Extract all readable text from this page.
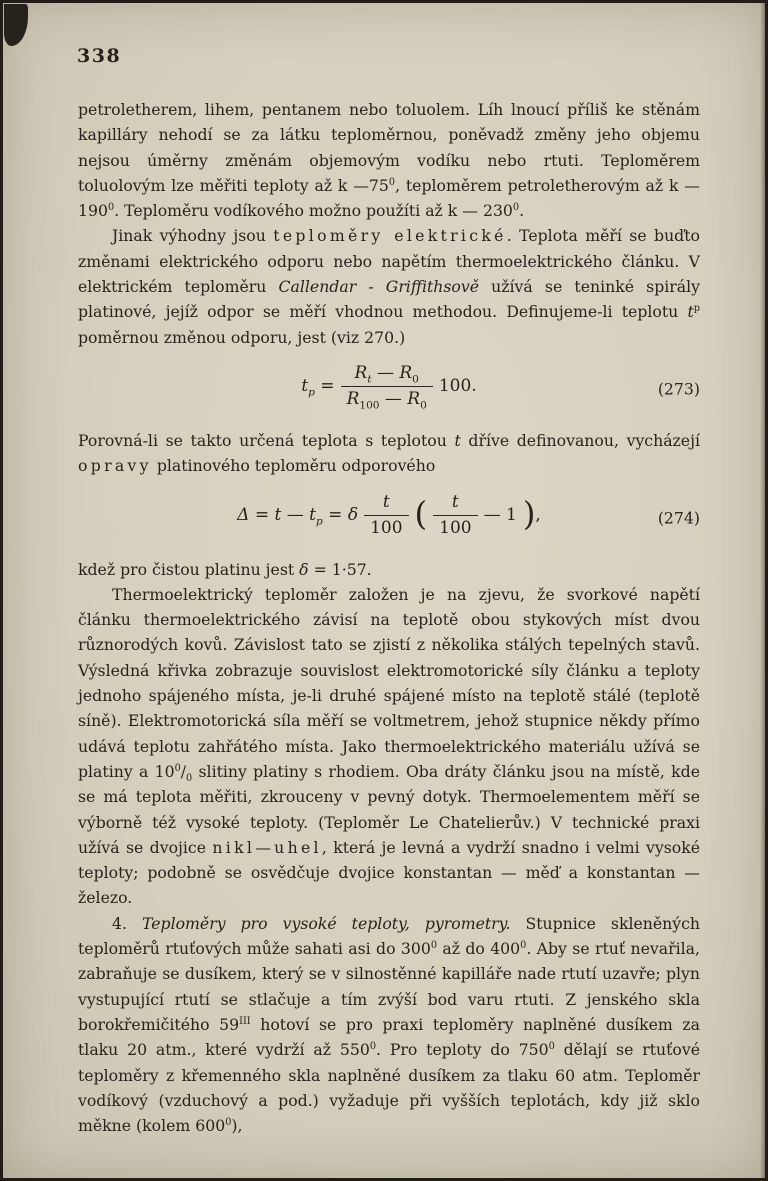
338

petroletherem, lihem, pentanem nebo toluolem. Líh lnoucí příliš ke stěnám kapilláry nehodí se za látku teploměrnou, poněvadž změny jeho objemu nejsou úměrny změnám objemovým vodíku nebo rtuti. Teploměrem toluolovým lze měřiti teploty až k $—75^0$, teploměrem petroletherovým až k $—190^0$. Teploměru vodíkového možno použíti až k — $230^0$.

Jinak výhodny jsou teploměry elektrické. Teplota měří se buďto změnami elektrického odporu nebo napětím thermoelektrického článku. V elektrickém teploměru Callendar - Griffithsově užívá se teninké spirály platinové, jejíž odpor se měří vhodnou methodou. Definujeme-li teplotu $t^p$ poměrnou změnou odporu, jest (viz 270.)

$t_p = \frac{R_t — R_0}{R_{100} — R_0} 100$.	(273)

Porovná-li se takto určená teplota s teplotou t dříve definovanou, vycházejí opravy platinového teploměru odporového

Δ = t — $t_p = \delta \frac{t}{100}$ ( $\frac{t}{100}$ — 1 ),	(274)

kdež pro čistou platinu jest δ = 1·57.

Thermoelektrický teploměr založen je na zjevu, že svorkové napětí článku thermoelektrického závisí na teplotě obou stykových míst dvou různorodých kovů. Závislost tato se zjistí z několika stálých tepelných stavů. Výsledná křivka zobrazuje souvislost elektromotorické síly článku a teploty jednoho spájeného místa, je-li druhé spájené místo na teplotě stálé (teplotě síně). Elektromotorická síla měří se voltmetrem, jehož stupnice někdy přímo udává teplotu zahřátého místa. Jako thermoelektrického materiálu užívá se platiny a $10^0/_0$ slitiny platiny s rhodiem. Oba dráty článku jsou na místě, kde se má teplota měřiti, zkrouceny v pevný dotyk. Thermoelementem měří se výborně též vysoké teploty. (Teploměr Le Chatelierův.) V technické praxi užívá se dvojice nikl—uhel, která je levná a vydrží snadno i velmi vysoké teploty; podobně se osvědčuje dvojice konstantan — měď a konstantan —železo.

4. Teploměry pro vysoké teploty, pyrometry. Stupnice skleněných teploměrů rtuťových může sahati asi do $300^0$ až do $400^0$. Aby se rtuť nevařila, zabraňuje se dusíkem, který se v silnostěnné kapilláře nade rtutí uzavře; plyn vystupující rtutí se stlačuje a tím zvýší bod varu rtuti. Z jenského skla borokřemičitého $59^{III}$ hotoví se pro praxi teploměry naplněné dusíkem za tlaku 20 atm., které vydrží až $550^0$. Pro teploty do $750^0$ dělají se rtuťové teploměry z křemenného skla naplněné dusíkem za tlaku 60 atm. Teploměr vodíkový (vzduchový a pod.) vyžaduje při vyšších teplotách, kdy již sklo měkne (kolem $600^0$),
